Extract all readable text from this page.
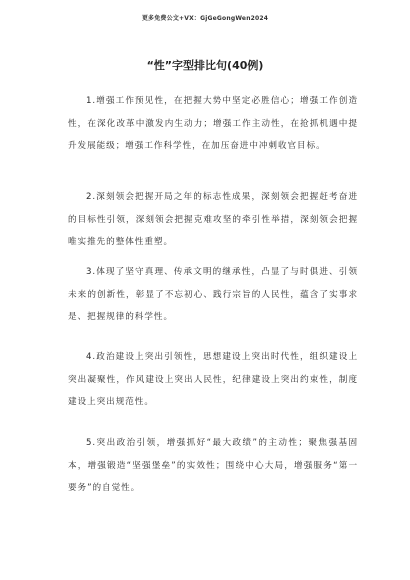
更多免费公文+VX：GjGeGongWen2024
“性”字型排比句(40例)

1.增强工作预见性，在把握大势中坚定必胜信心；增强工作创造性，在深化改革中激发内生动力；增强工作主动性，在抢抓机遇中提升发展能级；增强工作科学性，在加压奋进中冲刺收官目标。

2.深刻领会把握开局之年的标志性成果，深刻领会把握赶考奋进的目标性引领，深刻领会把握克难攻坚的牵引性举措，深刻领会把握唯实推先的整体性重塑。

3.体现了坚守真理、传承文明的继承性，凸显了与时俱进、引领未来的创新性，彰显了不忘初心、践行宗旨的人民性，蕴含了实事求是、把握规律的科学性。

4.政治建设上突出引领性，思想建设上突出时代性，组织建设上突出凝聚性，作风建设上突出人民性，纪律建设上突出约束性，制度建设上突出规范性。

5.突出政治引领，增强抓好“最大政绩”的主动性；聚焦强基固本，增强锻造“坚强堡垒”的实效性；围绕中心大局，增强服务“第一要务”的自觉性。
